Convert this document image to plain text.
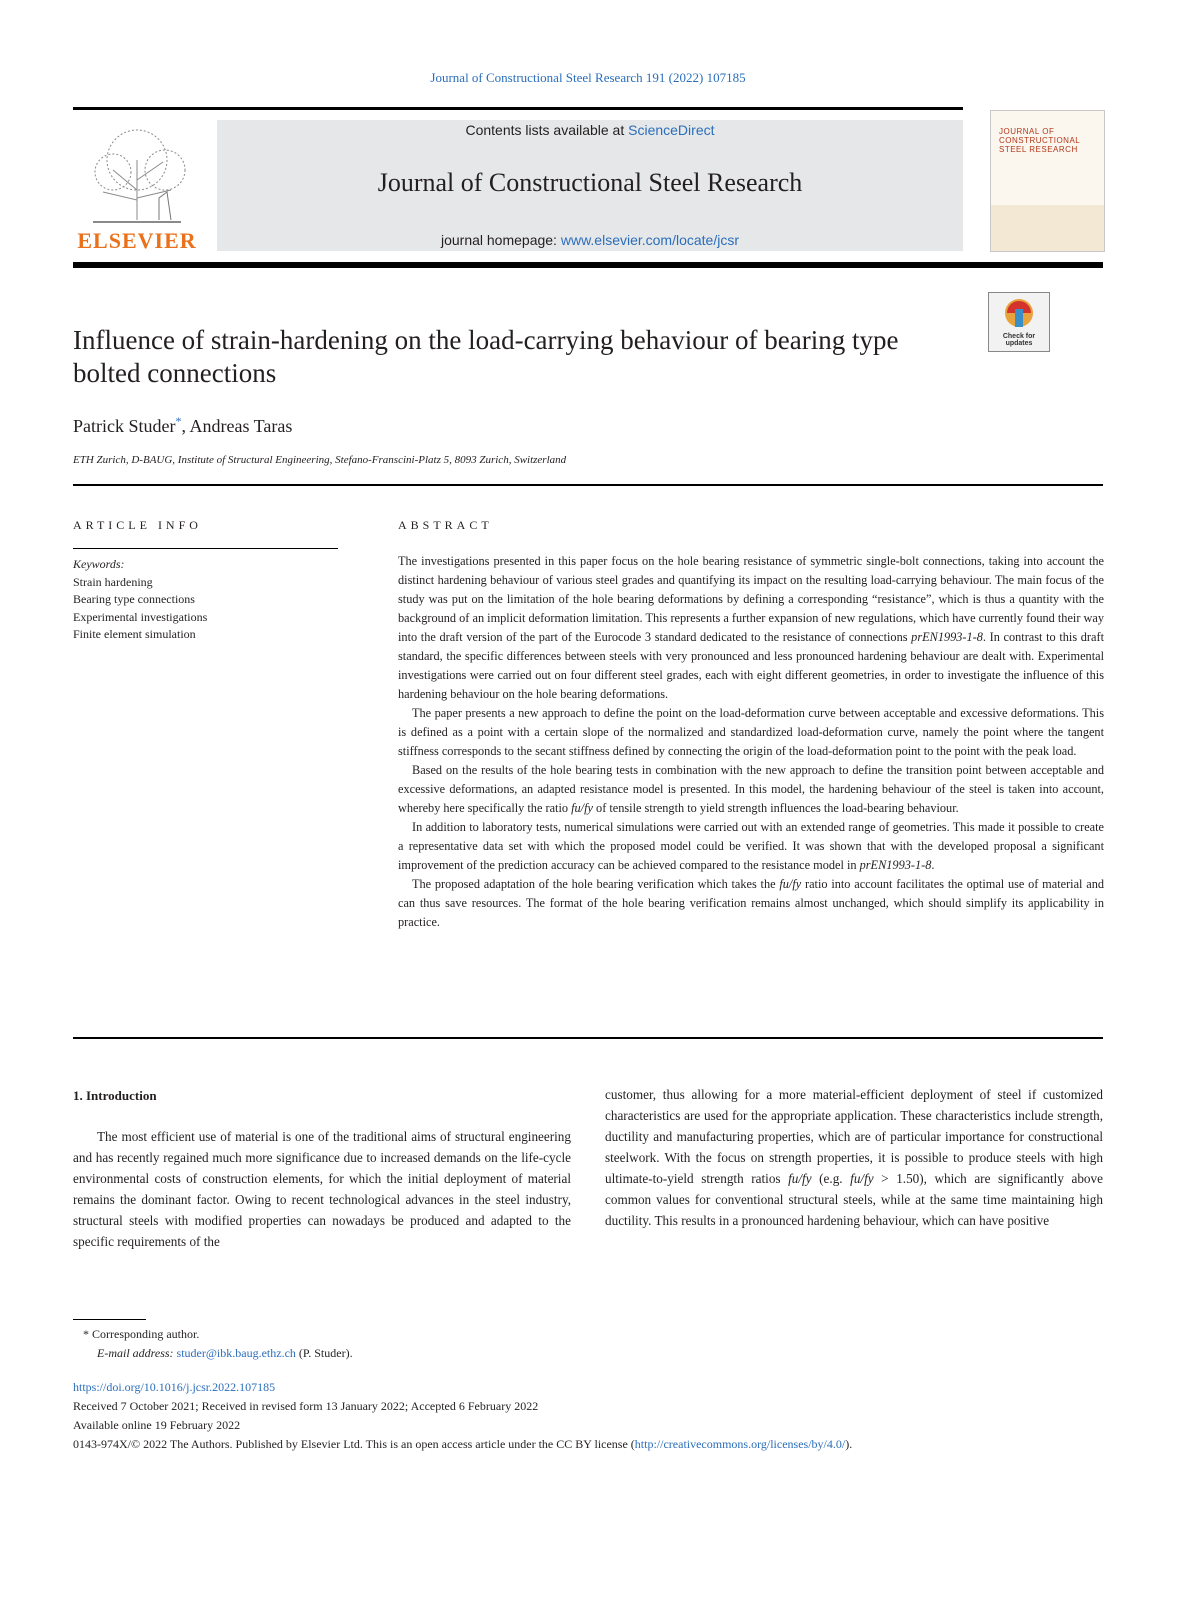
Journal of Constructional Steel Research 191 (2022) 107185
ELSEVIER
Contents lists available at ScienceDirect
Journal of Constructional Steel Research
journal homepage: www.elsevier.com/locate/jcsr
JOURNAL OF CONSTRUCTIONAL STEEL RESEARCH
Influence of strain-hardening on the load-carrying behaviour of bearing type bolted connections
Check for updates
Patrick Studer*, Andreas Taras
ETH Zurich, D-BAUG, Institute of Structural Engineering, Stefano-Franscini-Platz 5, 8093 Zurich, Switzerland
ARTICLE INFO
Keywords:
Strain hardening
Bearing type connections
Experimental investigations
Finite element simulation
ABSTRACT

The investigations presented in this paper focus on the hole bearing resistance of symmetric single-bolt connections, taking into account the distinct hardening behaviour of various steel grades and quantifying its impact on the resulting load-carrying behaviour. The main focus of the study was put on the limitation of the hole bearing deformations by defining a corresponding “resistance”, which is thus a quantity with the background of an implicit deformation limitation. This represents a further expansion of new regulations, which have currently found their way into the draft version of the part of the Eurocode 3 standard dedicated to the resistance of connections prEN1993-1-8. In contrast to this draft standard, the specific differences between steels with very pronounced and less pronounced hardening behaviour are dealt with. Experimental investigations were carried out on four different steel grades, each with eight different geometries, in order to investigate the influence of this hardening behaviour on the hole bearing deformations.

The paper presents a new approach to define the point on the load-deformation curve between acceptable and excessive deformations. This is defined as a point with a certain slope of the normalized and standardized load-deformation curve, namely the point where the tangent stiffness corresponds to the secant stiffness defined by connecting the origin of the load-deformation point to the point with the peak load.

Based on the results of the hole bearing tests in combination with the new approach to define the transition point between acceptable and excessive deformations, an adapted resistance model is presented. In this model, the hardening behaviour of the steel is taken into account, whereby here specifically the ratio fu/fy of tensile strength to yield strength influences the load-bearing behaviour.

In addition to laboratory tests, numerical simulations were carried out with an extended range of geometries. This made it possible to create a representative data set with which the proposed model could be verified. It was shown that with the developed proposal a significant improvement of the prediction accuracy can be achieved compared to the resistance model in prEN1993-1-8.

The proposed adaptation of the hole bearing verification which takes the fu/fy ratio into account facilitates the optimal use of material and can thus save resources. The format of the hole bearing verification remains almost unchanged, which should simplify its applicability in practice.

1. Introduction

The most efficient use of material is one of the traditional aims of structural engineering and has recently regained much more significance due to increased demands on the life-cycle environmental costs of construction elements, for which the initial deployment of material remains the dominant factor. Owing to recent technological advances in the steel industry, structural steels with modified properties can nowadays be produced and adapted to the specific requirements of the

customer, thus allowing for a more material-efficient deployment of steel if customized characteristics are used for the appropriate application. These characteristics include strength, ductility and manufacturing properties, which are of particular importance for constructional steelwork. With the focus on strength properties, it is possible to produce steels with high ultimate-to-yield strength ratios fu/fy (e.g. fu/fy > 1.50), which are significantly above common values for conventional structural steels, while at the same time maintaining high ductility. This results in a pronounced hardening behaviour, which can have positive

* Corresponding author.
E-mail address: studer@ibk.baug.ethz.ch (P. Studer).
https://doi.org/10.1016/j.jcsr.2022.107185
Received 7 October 2021; Received in revised form 13 January 2022; Accepted 6 February 2022
Available online 19 February 2022
0143-974X/© 2022 The Authors. Published by Elsevier Ltd. This is an open access article under the CC BY license (http://creativecommons.org/licenses/by/4.0/).
